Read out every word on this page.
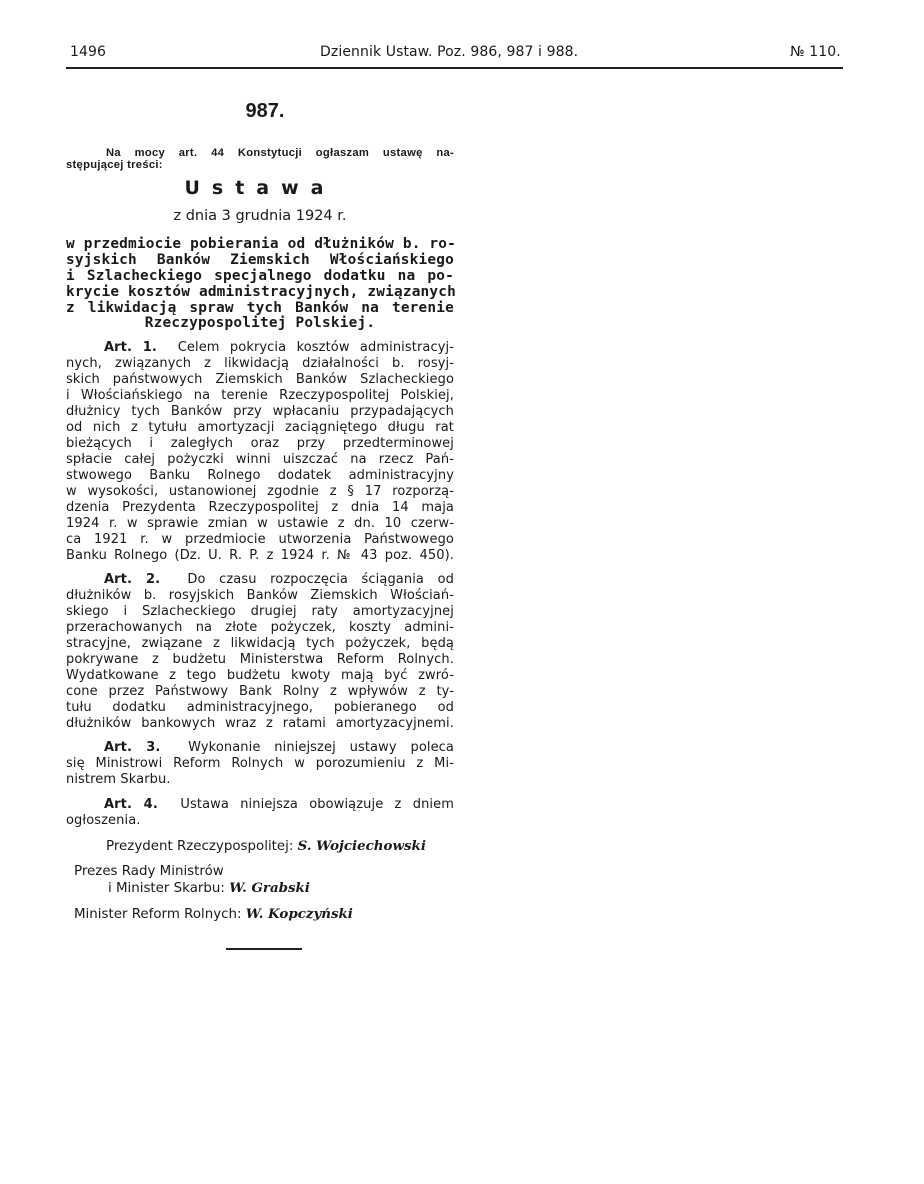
1496	Dziennik Ustaw. Poz. 986, 987 i 988.	№ 110.
987.
Na mocy art. 44 Konstytucji ogłaszam ustawę na-
stępującej treści:
Ustawa
z dnia 3 grudnia 1924 r.
w przedmiocie pobierania od dłużników b. ro-
syjskich Banków Ziemskich Włościańskiego
i Szlacheckiego specjalnego dodatku na po-
krycie kosztów administracyjnych, związanych
z likwidacją spraw tych Banków na terenie
Rzeczypospolitej Polskiej.
Art. 1. Celem pokrycia kosztów administracyj-
nych, związanych z likwidacją działalności b. rosyj-
skich państwowych Ziemskich Banków Szlacheckiego
i Włościańskiego na terenie Rzeczypospolitej Polskiej,
dłużnicy tych Banków przy wpłacaniu przypadających
od nich z tytułu amortyzacji zaciągniętego długu rat
bieżących i zaległych oraz przy przedterminowej
spłacie całej pożyczki winni uiszczać na rzecz Pań-
stwowego Banku Rolnego dodatek administracyjny
w wysokości, ustanowionej zgodnie z § 17 rozporzą-
dzenia Prezydenta Rzeczypospolitej z dnia 14 maja
1924 r. w sprawie zmian w ustawie z dn. 10 czerw-
ca 1921 r. w przedmiocie utworzenia Państwowego
Banku Rolnego (Dz. U. R. P. z 1924 r. № 43 poz. 450).
Art. 2. Do czasu rozpoczęcia ściągania od
dłużników b. rosyjskich Banków Ziemskich Włościań-
skiego i Szlacheckiego drugiej raty amortyzacyjnej
przerachowanych na złote pożyczek, koszty admini-
stracyjne, związane z likwidacją tych pożyczek, będą
pokrywane z budżetu Ministerstwa Reform Rolnych.
Wydatkowane z tego budżetu kwoty mają być zwró-
cone przez Państwowy Bank Rolny z wpływów z ty-
tułu dodatku administracyjnego, pobieranego od
dłużników bankowych wraz z ratami amortyzacyjnemi.
Art. 3. Wykonanie niniejszej ustawy poleca
się Ministrowi Reform Rolnych w porozumieniu z Mi-
nistrem Skarbu.
Art. 4. Ustawa niniejsza obowiązuje z dniem
ogłoszenia.
Prezydent Rzeczypospolitej: S. Wojciechowski
Prezes Rady Ministrów
i Minister Skarbu: W. Grabski
Minister Reform Rolnych: W. Kopczyński
